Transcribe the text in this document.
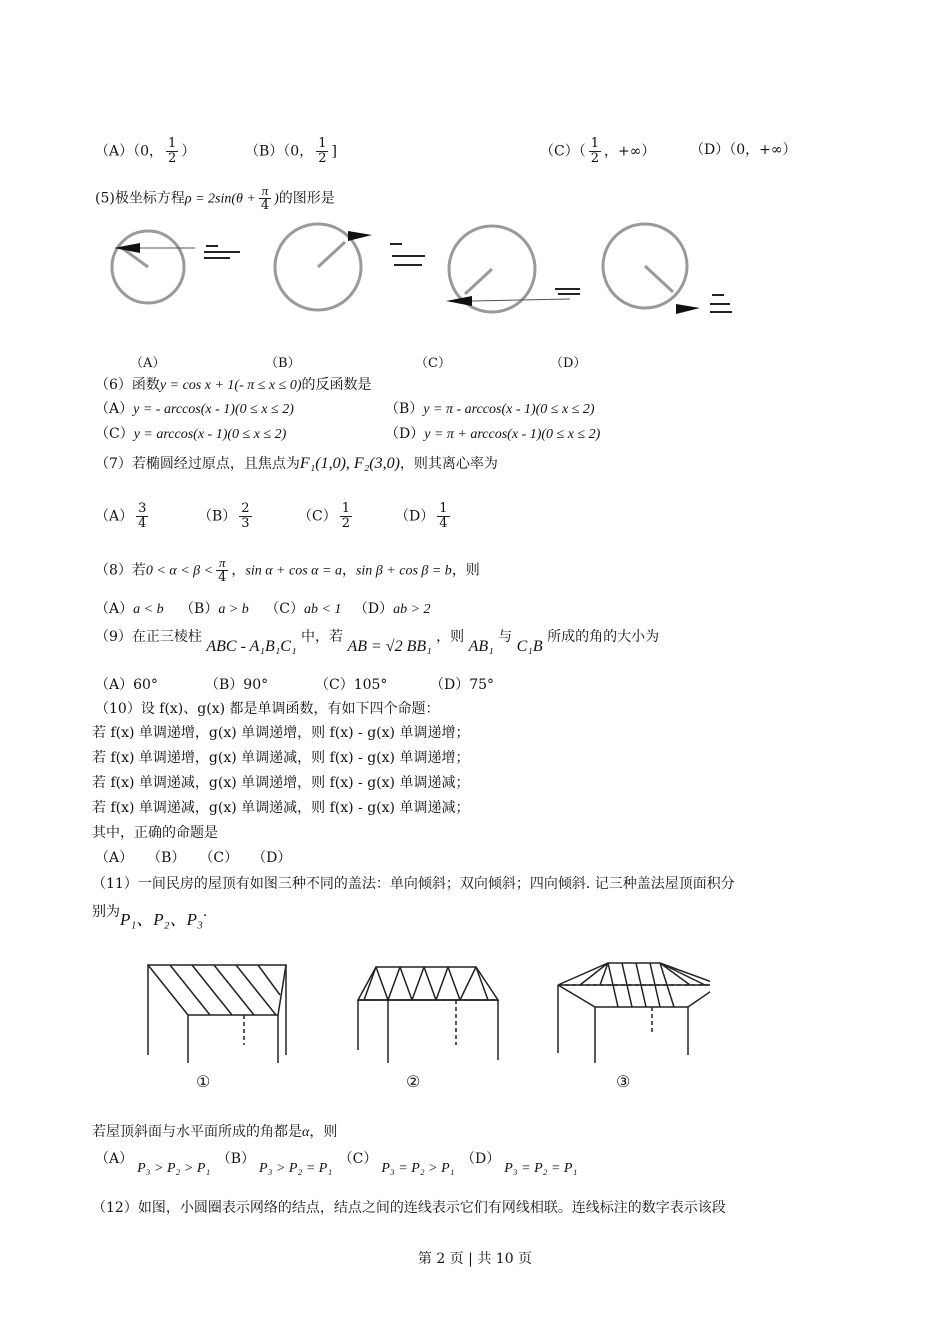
（A）（0， $\frac{1}{2}$ ）	（B）（0， $\frac{1}{2}$ ]	$(C)( \frac{1}{2}$ ，+∞） （D）（0，+∞）
(5)极坐标方程$\rho = 2\sin(\theta + \frac{\pi}{4}$ )的图形是
（A）	（B）	（C）	（D）
（6）函数y = cos x + 1(- π ≤ x ≤ 0)的反函数是
（A）y = - arccos(x - 1)(0 ≤ x ≤ 2)	（B）y = π - arccos(x - 1)(0 ≤ x ≤ 2)
（C）y = arccos(x - 1)(0 ≤ x ≤ 2)	（D）y = π + arccos(x - 1)(0 ≤ x ≤ 2)
（7）若椭圆经过原点，且焦点为F₁(1,0), F₂(3,0)，则其离心率为
$(A) \frac{3}{4}$	$(B) \frac{2}{3}$	$(C) \frac{1}{2}$	$(D) \frac{1}{4}$
（8）若$0 < \alpha < \beta < \frac{\pi}{4}$ ，sin α + cos α = a，sin β + cos β = b，则
（A）a < b （B）a > b （C）ab < 1 （D）ab > 2
（9）在正三棱柱 ABC - A₁B₁C₁ 中，若 AB = √2 BB₁ ，则 AB₁ 与 C₁B 所成的角的大小为
（A）60°	（B）90°	（C）105°	（D）75°
（10）设 f(x)、g(x) 都是单调函数，有如下四个命题：
若 f(x) 单调递增，g(x) 单调递增，则 f(x) - g(x) 单调递增；
若 f(x) 单调递增，g(x) 单调递减，则 f(x) - g(x) 单调递增；
若 f(x) 单调递减，g(x) 单调递增，则 f(x) - g(x) 单调递减；
若 f(x) 单调递减，g(x) 单调递减，则 f(x) - g(x) 单调递减；
其中，正确的命题是
（A）　　（B）　　（C）　　（D）
（11）一间民房的屋顶有如图三种不同的盖法：单向倾斜；双向倾斜；四向倾斜. 记三种盖法屋顶面积分
别为P₁、P₂、P₃.
①	②	③
若屋顶斜面与水平面所成的角都是α，则
（A）P₃ > P₂ > P₁ （B）P₃ > P₂ = P₁ （C）P₃ = P₂ > P₁ （D）P₃ = P₂ = P₁
（12）如图，小圆圈表示网络的结点，结点之间的连线表示它们有网线相联。连线标注的数字表示该段
第 2 页 | 共 10 页
